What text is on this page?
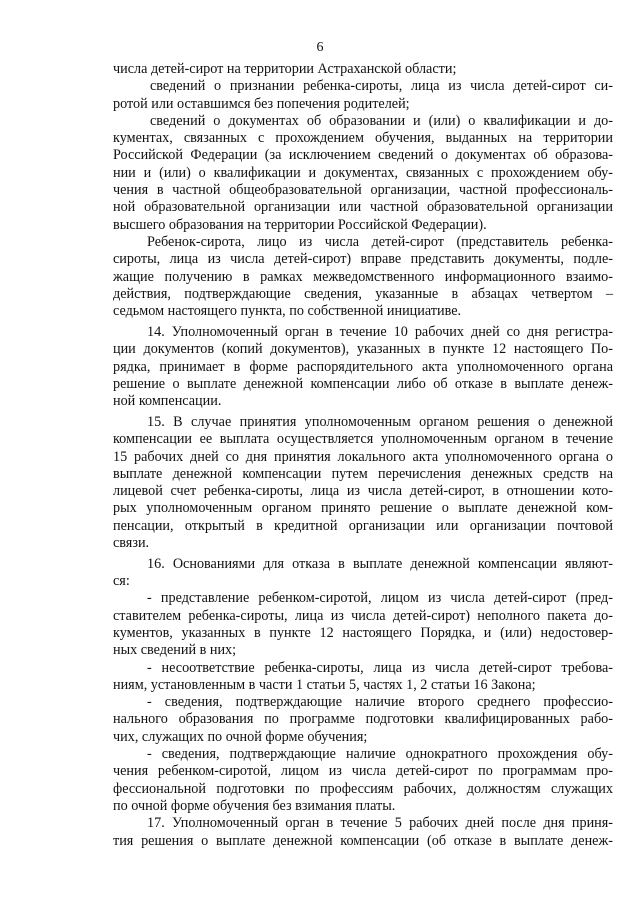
6
числа детей-сирот на территории Астраханской области;
сведений о признании ребенка-сироты, лица из числа детей-сирот си-
ротой или оставшимся без попечения родителей;
сведений о документах об образовании и (или) о квалификации и до-
кументах, связанных с прохождением обучения, выданных на территории
Российской Федерации (за исключением сведений о документах об образова-
нии и (или) о квалификации и документах, связанных с прохождением обу-
чения в частной общеобразовательной организации, частной профессиональ-
ной образовательной организации или частной образовательной организации
высшего образования на территории Российской Федерации).
Ребенок-сирота, лицо из числа детей-сирот (представитель ребенка-
сироты, лица из числа детей-сирот) вправе представить документы, подле-
жащие получению в рамках межведомственного информационного взаимо-
действия, подтверждающие сведения, указанные в абзацах четвертом –
седьмом настоящего пункта, по собственной инициативе.
14. Уполномоченный орган в течение 10 рабочих дней со дня регистра-
ции документов (копий документов), указанных в пункте 12 настоящего По-
рядка, принимает в форме распорядительного акта уполномоченного органа
решение о выплате денежной компенсации либо об отказе в выплате денеж-
ной компенсации.
15. В случае принятия уполномоченным органом решения о денежной
компенсации ее выплата осуществляется уполномоченным органом в течение
15 рабочих дней со дня принятия локального акта уполномоченного органа о
выплате денежной компенсации путем перечисления денежных средств на
лицевой счет ребенка-сироты, лица из числа детей-сирот, в отношении кото-
рых уполномоченным органом принято решение о выплате денежной ком-
пенсации, открытый в кредитной организации или организации почтовой
связи.
16. Основаниями для отказа в выплате денежной компенсации являют-
ся:
- представление ребенком-сиротой, лицом из числа детей-сирот (пред-
ставителем ребенка-сироты, лица из числа детей-сирот) неполного пакета до-
кументов, указанных в пункте 12 настоящего Порядка, и (или) недостовер-
ных сведений в них;
- несоответствие ребенка-сироты, лица из числа детей-сирот требова-
ниям, установленным в части 1 статьи 5, частях 1, 2 статьи 16 Закона;
- сведения, подтверждающие наличие второго среднего профессио-
нального образования по программе подготовки квалифицированных рабо-
чих, служащих по очной форме обучения;
- сведения, подтверждающие наличие однократного прохождения обу-
чения ребенком-сиротой, лицом из числа детей-сирот по программам про-
фессиональной подготовки по профессиям рабочих, должностям служащих
по очной форме обучения без взимания платы.
17. Уполномоченный орган в течение 5 рабочих дней после дня приня-
тия решения о выплате денежной компенсации (об отказе в выплате денеж-
